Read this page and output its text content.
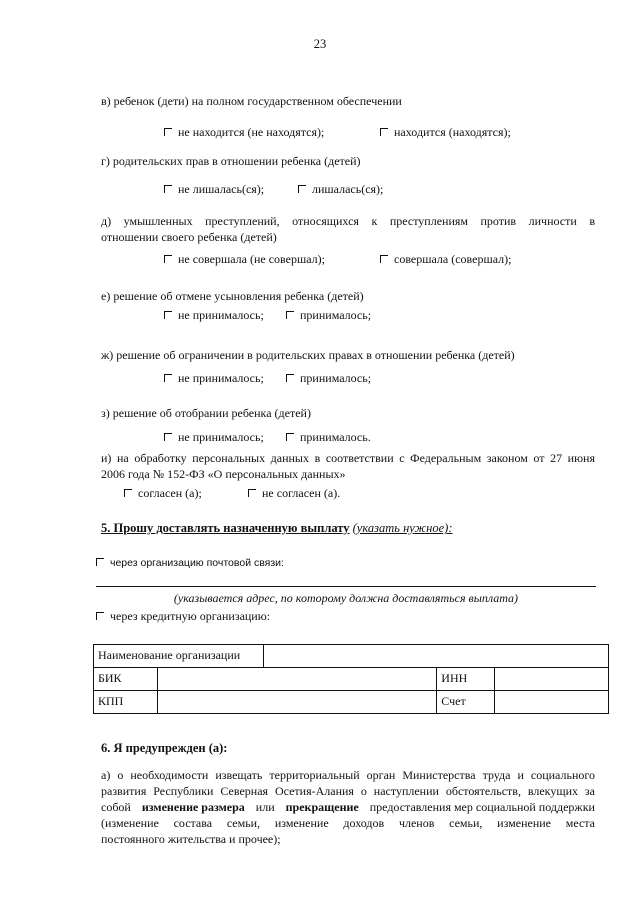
23
в) ребенок (дети) на полном государственном обеспечении
не находится (не находятся);	находится (находятся);
г) родительских прав в отношении ребенка (детей)
не лишалась(ся);	лишалась(ся);
д) умышленных преступлений, относящихся к преступлениям против личности в
отношении своего ребенка (детей)
не совершала (не совершал);	совершала (совершал);
е) решение об отмене усыновления ребенка (детей)
не принималось;	принималось;
ж) решение об ограничении в родительских правах в отношении ребенка (детей)
не принималось;	принималось;
з) решение об отобрании ребенка (детей)
не принималось;	принималось.
и) на обработку персональных данных в соответствии с Федеральным законом от 27 июня
2006 года № 152-ФЗ «О персональных данных»
согласен (а);	не согласен (а).
5. Прошу доставлять назначенную выплату (указать нужное):
через организацию почтовой связи:
(указывается адрес, по которому должна доставляться выплата)
через кредитную организацию:
Наименование организации				
БИК			ИНН	
КПП			Счет	
6. Я предупрежден (а):
а) о необходимости извещать территориальный орган Министерства труда и социального
развития Республики Северная Осетия-Алания о наступлении обстоятельств, влекущих за
собой изменение размера или прекращение предоставления мер социальной поддержки
(изменение состава семьи, изменение доходов членов семьи, изменение места
постоянного жительства и прочее);
